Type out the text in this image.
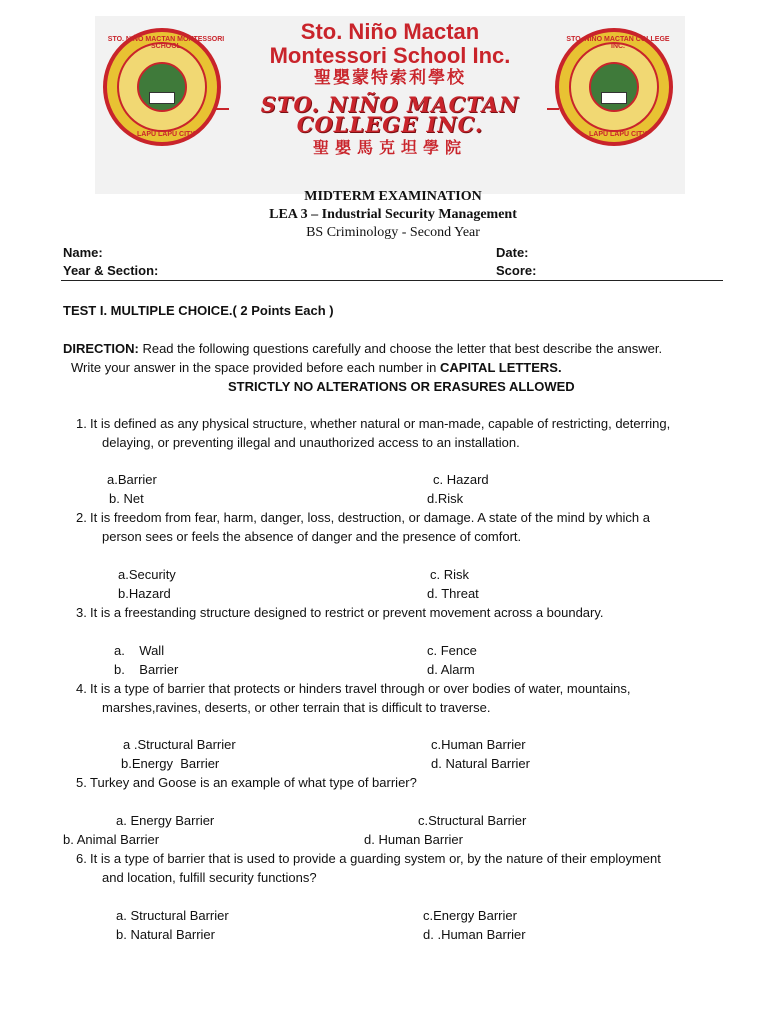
STO. NIÑO MACTAN MONTESSORI SCHOOL
LAPU LAPU CITY
Sto. Niño Mactan
Montessori School Inc.
聖嬰蒙特索利學校
STO. NIÑO MACTAN
COLLEGE INC.
聖嬰馬克坦學院
STO. NIÑO MACTAN COLLEGE INC.
LAPU LAPU CITY
MIDTERM EXAMINATION
LEA 3 – Industrial Security Management
BS Criminology - Second Year
Name:	Date:
Year & Section:	Score:
TEST I. MULTIPLE CHOICE.( 2 Points Each )
DIRECTION: Read the following questions carefully and choose the letter that best describe the answer.
Write your answer in the space provided before each number in CAPITAL LETTERS.
STRICTLY NO ALTERATIONS OR ERASURES ALLOWED
1. It is defined as any physical structure, whether natural or man-made, capable of restricting, deterring,
delaying, or preventing illegal and unauthorized access to an installation.
a.Barrier	c. Hazard
b. Net	d.Risk
2. It is freedom from fear, harm, danger, loss, destruction, or damage. A state of the mind by which a
person sees or feels the absence of danger and the presence of comfort.
a.Security	c. Risk
b.Hazard	d. Threat
3. It is a freestanding structure designed to restrict or prevent movement across a boundary.
a.    Wall	c. Fence
b.    Barrier	d. Alarm
4. It is a type of barrier that protects or hinders travel through or over bodies of water, mountains,
marshes,ravines, deserts, or other terrain that is difficult to traverse.
a .Structural Barrier	c.Human Barrier
b.Energy  Barrier	d. Natural Barrier
5. Turkey and Goose is an example of what type of barrier?
a. Energy Barrier	c.Structural Barrier
b. Animal Barrier	d. Human Barrier
6. It is a type of barrier that is used to provide a guarding system or, by the nature of their employment
and location, fulfill security functions?
a. Structural Barrier	c.Energy Barrier
b. Natural Barrier	d. .Human Barrier
